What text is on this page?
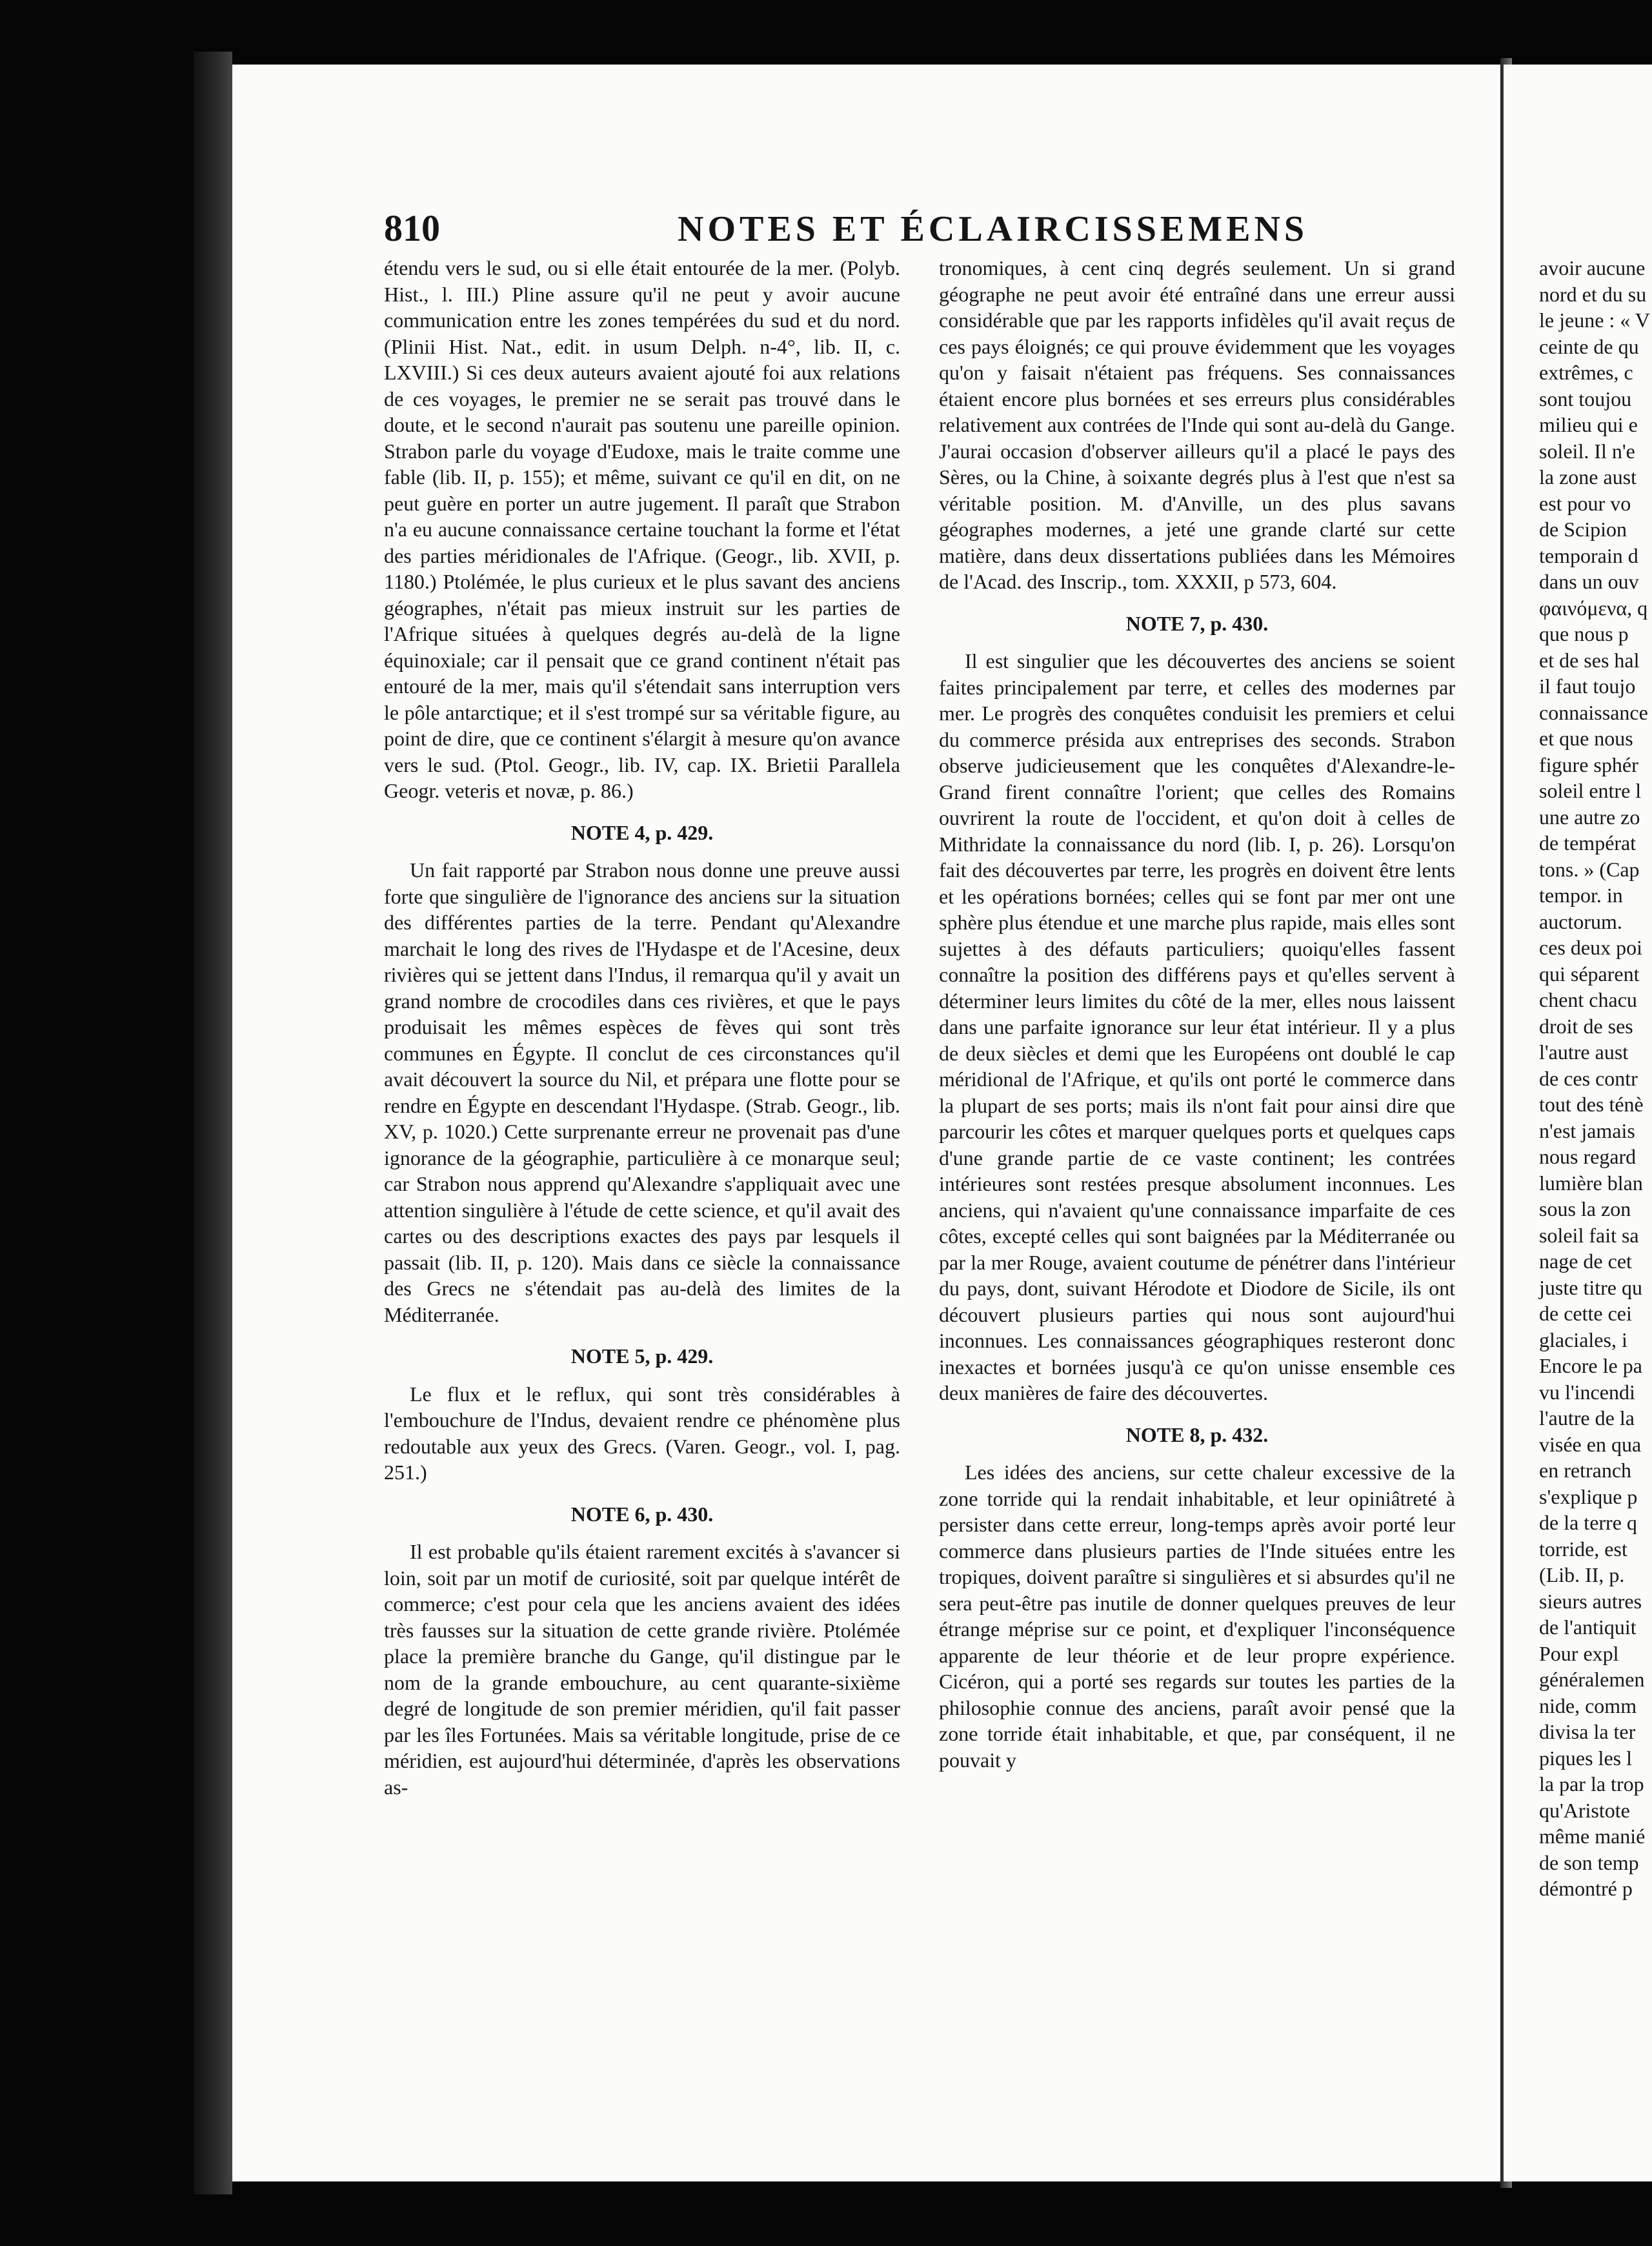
810	NOTES ET ÉCLAIRCISSEMENS

étendu vers le sud, ou si elle était entourée de la mer. (Polyb. Hist., l. III.) Pline assure qu'il ne peut y avoir aucune communication entre les zones tempérées du sud et du nord. (Plinii Hist. Nat., edit. in usum Delph. n-4°, lib. II, c. LXVIII.) Si ces deux auteurs avaient ajouté foi aux relations de ces voyages, le premier ne se serait pas trouvé dans le doute, et le second n'aurait pas soutenu une pareille opinion. Strabon parle du voyage d'Eudoxe, mais le traite comme une fable (lib. II, p. 155); et même, suivant ce qu'il en dit, on ne peut guère en porter un autre jugement. Il paraît que Strabon n'a eu aucune connaissance certaine touchant la forme et l'état des parties méridionales de l'Afrique. (Geogr., lib. XVII, p. 1180.) Ptolémée, le plus curieux et le plus savant des anciens géographes, n'était pas mieux instruit sur les parties de l'Afrique situées à quelques degrés au-delà de la ligne équinoxiale; car il pensait que ce grand continent n'était pas entouré de la mer, mais qu'il s'étendait sans interruption vers le pôle antarctique; et il s'est trompé sur sa véritable figure, au point de dire, que ce continent s'élargit à mesure qu'on avance vers le sud. (Ptol. Geogr., lib. IV, cap. IX. Brietii Parallela Geogr. veteris et novæ, p. 86.)

NOTE 4, p. 429.

Un fait rapporté par Strabon nous donne une preuve aussi forte que singulière de l'ignorance des anciens sur la situation des différentes parties de la terre. Pendant qu'Alexandre marchait le long des rives de l'Hydaspe et de l'Acesine, deux rivières qui se jettent dans l'Indus, il remarqua qu'il y avait un grand nombre de crocodiles dans ces rivières, et que le pays produisait les mêmes espèces de fèves qui sont très communes en Égypte. Il conclut de ces circonstances qu'il avait découvert la source du Nil, et prépara une flotte pour se rendre en Égypte en descendant l'Hydaspe. (Strab. Geogr., lib. XV, p. 1020.) Cette surprenante erreur ne provenait pas d'une ignorance de la géographie, particulière à ce monarque seul; car Strabon nous apprend qu'Alexandre s'appliquait avec une attention singulière à l'étude de cette science, et qu'il avait des cartes ou des descriptions exactes des pays par lesquels il passait (lib. II, p. 120). Mais dans ce siècle la connaissance des Grecs ne s'étendait pas au-delà des limites de la Méditerranée.

NOTE 5, p. 429.

Le flux et le reflux, qui sont très considérables à l'embouchure de l'Indus, devaient rendre ce phénomène plus redoutable aux yeux des Grecs. (Varen. Geogr., vol. I, pag. 251.)

NOTE 6, p. 430.

Il est probable qu'ils étaient rarement excités à s'avancer si loin, soit par un motif de curiosité, soit par quelque intérêt de commerce; c'est pour cela que les anciens avaient des idées très fausses sur la situation de cette grande rivière. Ptolémée place la première branche du Gange, qu'il distingue par le nom de la grande embouchure, au cent quarante-sixième degré de longitude de son premier méridien, qu'il fait passer par les îles Fortunées. Mais sa véritable longitude, prise de ce méridien, est aujourd'hui déterminée, d'après les observations as-

tronomiques, à cent cinq degrés seulement. Un si grand géographe ne peut avoir été entraîné dans une erreur aussi considérable que par les rapports infidèles qu'il avait reçus de ces pays éloignés; ce qui prouve évidemment que les voyages qu'on y faisait n'étaient pas fréquens. Ses connaissances étaient encore plus bornées et ses erreurs plus considérables relativement aux contrées de l'Inde qui sont au-delà du Gange. J'aurai occasion d'observer ailleurs qu'il a placé le pays des Sères, ou la Chine, à soixante degrés plus à l'est que n'est sa véritable position. M. d'Anville, un des plus savans géographes modernes, a jeté une grande clarté sur cette matière, dans deux dissertations publiées dans les Mémoires de l'Acad. des Inscrip., tom. XXXII, p 573, 604.

NOTE 7, p. 430.

Il est singulier que les découvertes des anciens se soient faites principalement par terre, et celles des modernes par mer. Le progrès des conquêtes conduisit les premiers et celui du commerce présida aux entreprises des seconds. Strabon observe judicieusement que les conquêtes d'Alexandre-le-Grand firent connaître l'orient; que celles des Romains ouvrirent la route de l'occident, et qu'on doit à celles de Mithridate la connaissance du nord (lib. I, p. 26). Lorsqu'on fait des découvertes par terre, les progrès en doivent être lents et les opérations bornées; celles qui se font par mer ont une sphère plus étendue et une marche plus rapide, mais elles sont sujettes à des défauts particuliers; quoiqu'elles fassent connaître la position des différens pays et qu'elles servent à déterminer leurs limites du côté de la mer, elles nous laissent dans une parfaite ignorance sur leur état intérieur. Il y a plus de deux siècles et demi que les Européens ont doublé le cap méridional de l'Afrique, et qu'ils ont porté le commerce dans la plupart de ses ports; mais ils n'ont fait pour ainsi dire que parcourir les côtes et marquer quelques ports et quelques caps d'une grande partie de ce vaste continent; les contrées intérieures sont restées presque absolument inconnues. Les anciens, qui n'avaient qu'une connaissance imparfaite de ces côtes, excepté celles qui sont baignées par la Méditerranée ou par la mer Rouge, avaient coutume de pénétrer dans l'intérieur du pays, dont, suivant Hérodote et Diodore de Sicile, ils ont découvert plusieurs parties qui nous sont aujourd'hui inconnues. Les connaissances géographiques resteront donc inexactes et bornées jusqu'à ce qu'on unisse ensemble ces deux manières de faire des découvertes.

NOTE 8, p. 432.

Les idées des anciens, sur cette chaleur excessive de la zone torride qui la rendait inhabitable, et leur opiniâtreté à persister dans cette erreur, long-temps après avoir porté leur commerce dans plusieurs parties de l'Inde situées entre les tropiques, doivent paraître si singulières et si absurdes qu'il ne sera peut-être pas inutile de donner quelques preuves de leur étrange méprise sur ce point, et d'expliquer l'inconséquence apparente de leur théorie et de leur propre expérience. Cicéron, qui a porté ses regards sur toutes les parties de la philosophie connue des anciens, paraît avoir pensé que la zone torride était inhabitable, et que, par conséquent, il ne pouvait y

avoir aucune
nord et du su
le jeune : « V
ceinte de qu
extrêmes, c
sont toujou
milieu qui e
soleil. Il n'e
la zone aust
est pour vo
de Scipion
temporain d
dans un ouv
φαινόμενα, q
que nous p
et de ses hal
il faut toujo
connaissance
et que nous
figure sphér
soleil entre l
une autre zo
de températ
tons. » (Cap
tempor. in
auctorum.
ces deux poi
qui séparent
chent chacu
droit de ses
l'autre aust
de ces contr
tout des ténè
n'est jamais
nous regard
lumière blan
sous la zon
soleil fait sa
nage de cet
juste titre qu
de cette cei
glaciales, i
Encore le pa
vu l'incendi
l'autre de la
visée en qua
en retranch
s'explique p
de la terre q
torride, est
(Lib. II, p.
sieurs autres
de l'antiquit
Pour expl
généralemen
nide, comm
divisa la ter
piques les l
la par la trop
qu'Aristote
même manié
de son temp
démontré p
